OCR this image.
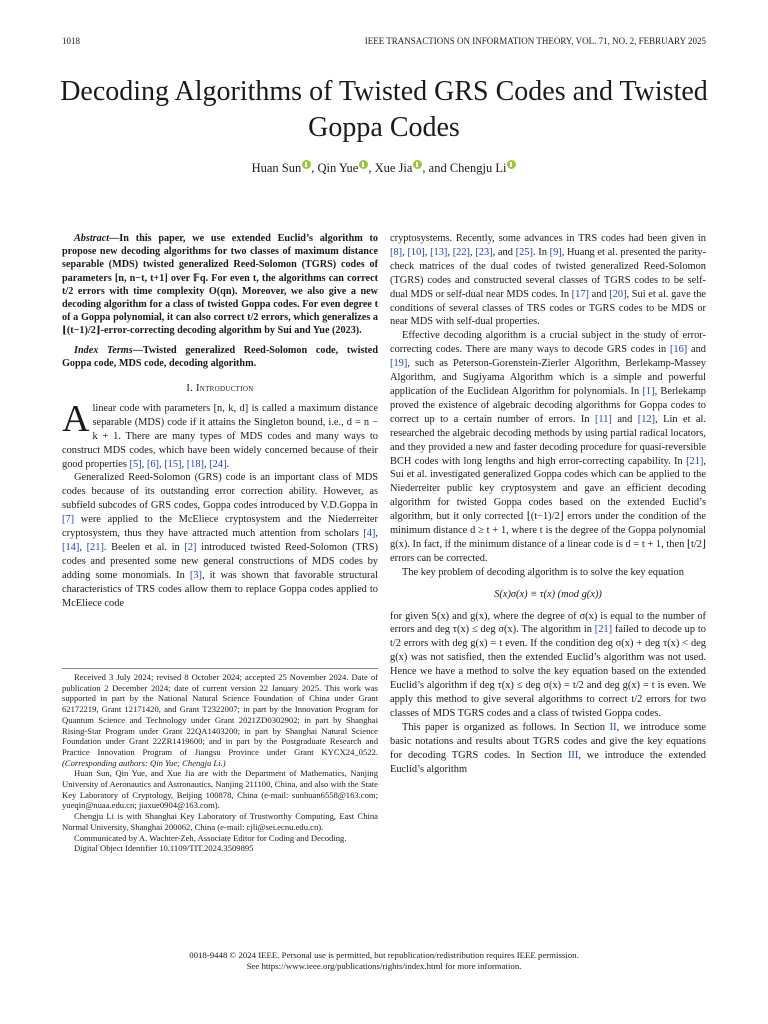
1018	IEEE TRANSACTIONS ON INFORMATION THEORY, VOL. 71, NO. 2, FEBRUARY 2025
Decoding Algorithms of Twisted GRS Codes and Twisted Goppa Codes
Huan Sun , Qin Yue , Xue Jia , and Chengju Li

Abstract—In this paper, we use extended Euclid’s algorithm to propose new decoding algorithms for two classes of maximum distance separable (MDS) twisted generalized Reed-Solomon (TGRS) codes of parameters [n, n−t, t+1] over 𝔽q. For even t, the algorithms can correct t/2 errors with time complexity O(qn). Moreover, we also give a new decoding algorithm for a class of twisted Goppa codes. For even degree t of a Goppa polynomial, it can also correct t/2 errors, which generalizes a ⌊(t−1)/2⌋-error-correcting decoding algorithm by Sui and Yue (2023).

Index Terms—Twisted generalized Reed-Solomon code, twisted Goppa code, MDS code, decoding algorithm.

I. Introduction

A linear code with parameters [n, k, d] is called a maximum distance separable (MDS) code if it attains the Singleton bound, i.e., d = n − k + 1. There are many types of MDS codes and many ways to construct MDS codes, which have been widely concerned because of their good properties [5], [6], [15], [18], [24].

Generalized Reed-Solomon (GRS) code is an important class of MDS codes because of its outstanding error correction ability. However, as subfield subcodes of GRS codes, Goppa codes introduced by V.D.Goppa in [7] were applied to the McEliece cryptosystem and the Niederreiter cryptosystem, thus they have attracted much attention from scholars [4], [14], [21]. Beelen et al. in [2] introduced twisted Reed-Solomon (TRS) codes and presented some new general constructions of MDS codes by adding some monomials. In [3], it was shown that favorable structural characteristics of TRS codes allow them to replace Goppa codes applied to McEliece code

Received 3 July 2024; revised 8 October 2024; accepted 25 November 2024. Date of publication 2 December 2024; date of current version 22 January 2025. This work was supported in part by the National Natural Science Foundation of China under Grant 62172219, Grant 12171420, and Grant T2322007; in part by the Innovation Program for Quantum Science and Technology under Grant 2021ZD0302902; in part by Shanghai Rising-Star Program under Grant 22QA1403200; in part by Shanghai Natural Science Foundation under Grant 22ZR1419600; and in part by the Postgraduate Research and Practice Innovation Program of Jiangsu Province under Grant KYCX24_0522. (Corresponding authors: Qin Yue; Chengju Li.)

Huan Sun, Qin Yue, and Xue Jia are with the Department of Mathematics, Nanjing University of Aeronautics and Astronautics, Nanjing 211100, China, and also with the State Key Laboratory of Cryptology, Beijing 100878, China (e-mail: sunhuan6558@163.com; yueqin@nuaa.edu.cn; jiaxue0904@163.com).

Chengju Li is with Shanghai Key Laboratory of Trustworthy Computing, East China Normal University, Shanghai 200062, China (e-mail: cjli@sei.ecnu.edu.cn).

Communicated by A. Wachter-Zeh, Associate Editor for Coding and Decoding.

Digital Object Identifier 10.1109/TIT.2024.3509895

cryptosystems. Recently, some advances in TRS codes had been given in [8], [10], [13], [22], [23], and [25]. In [9], Huang et al. presented the parity-check matrices of the dual codes of twisted generalized Reed-Solomon (TGRS) codes and constructed several classes of TGRS codes to be self-dual MDS or self-dual near MDS codes. In [17] and [20], Sui et al. gave the conditions of several classes of TRS codes or TGRS codes to be MDS or near MDS with self-dual properties.

Effective decoding algorithm is a crucial subject in the study of error-correcting codes. There are many ways to decode GRS codes in [16] and [19], such as Peterson-Gorenstein-Zierler Algorithm, Berlekamp-Massey Algorithm, and Sugiyama Algorithm which is a simple and powerful application of the Euclidean Algorithm for polynomials. In [1], Berlekamp proved the existence of algebraic decoding algorithms for Goppa codes to correct up to a certain number of errors. In [11] and [12], Lin et al. researched the algebraic decoding methods by using partial radical locators, and they provided a new and faster decoding procedure for quasi-reversible BCH codes with long lengths and high error-correcting capability. In [21], Sui et al. investigated generalized Goppa codes which can be applied to the Niederreiter public key cryptosystem and gave an efficient decoding algorithm for twisted Goppa codes based on the extended Euclid’s algorithm, but it only corrected ⌊(t−1)/2⌋ errors under the condition of the minimum distance d ≥ t + 1, where t is the degree of the Goppa polynomial g(x). In fact, if the minimum distance of a linear code is d = t + 1, then ⌊t/2⌋ errors can be corrected.

The key problem of decoding algorithm is to solve the key equation

S(x)σ(x) ≡ τ(x) (mod g(x))

for given S(x) and g(x), where the degree of σ(x) is equal to the number of errors and deg τ(x) ≤ deg σ(x). The algorithm in [21] failed to decode up to t/2 errors with deg g(x) = t even. If the condition deg σ(x) + deg τ(x) < deg g(x) was not satisfied, then the extended Euclid’s algorithm was not used. Hence we have a method to solve the key equation based on the extended Euclid’s algorithm if deg τ(x) ≤ deg σ(x) = t/2 and deg g(x) = t is even. We apply this method to give several algorithms to correct t/2 errors for two classes of MDS TGRS codes and a class of twisted Goppa codes.

This paper is organized as follows. In Section II, we introduce some basic notations and results about TGRS codes and give the key equations for decoding TGRS codes. In Section III, we introduce the extended Euclid’s algorithm

0018-9448 © 2024 IEEE. Personal use is permitted, but republication/redistribution requires IEEE permission.
See https://www.ieee.org/publications/rights/index.html for more information.
